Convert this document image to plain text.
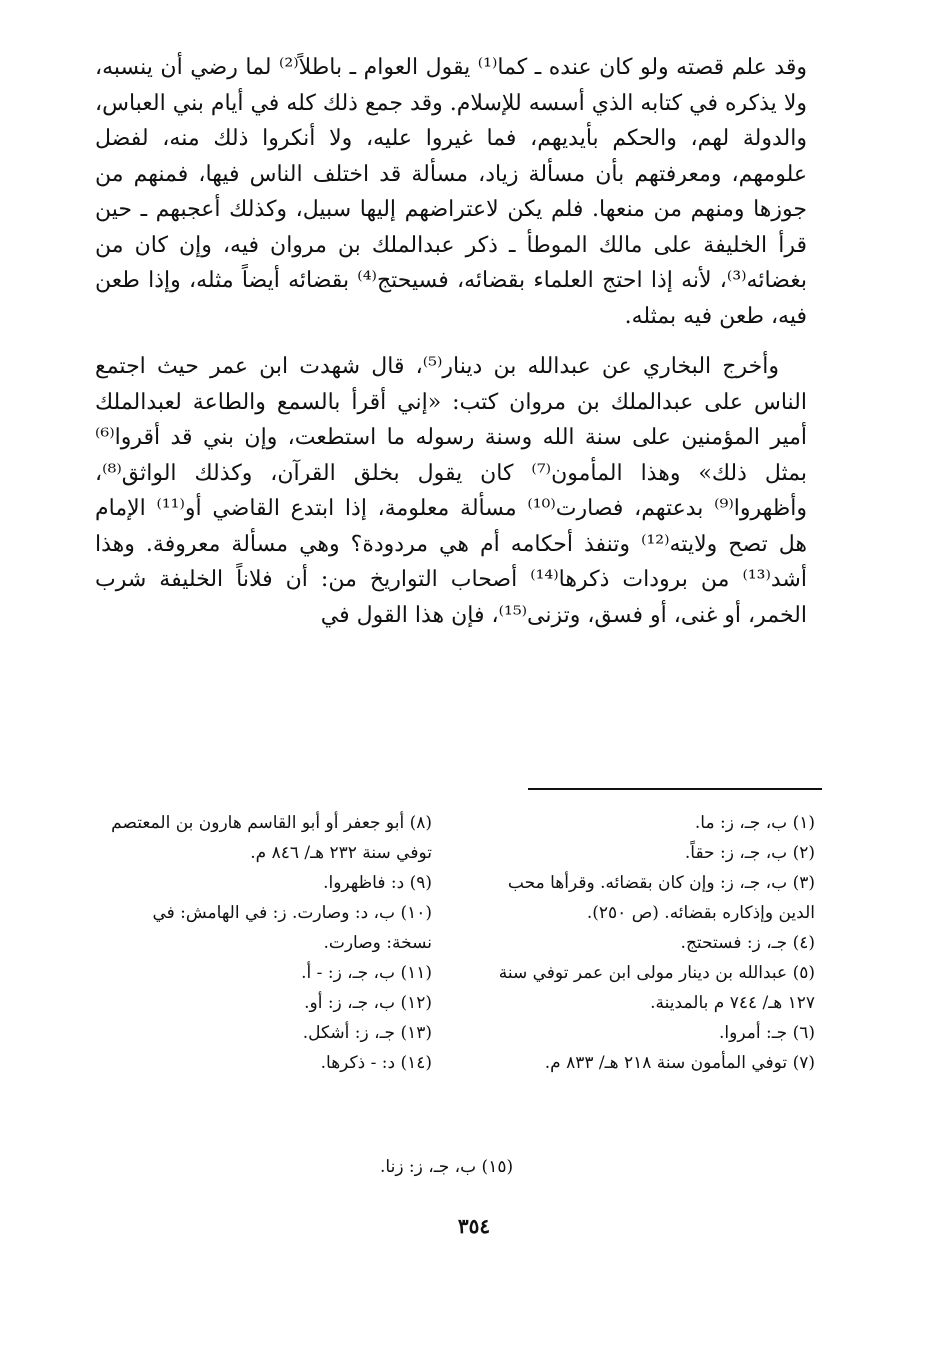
وقد علم قصته ولو كان عنده ـ كما⁽¹⁾ يقول العوام ـ باطلاً⁽²⁾ لما رضي أن ينسبه، ولا يذكره في كتابه الذي أسسه للإسلام. وقد جمع ذلك كله في أيام بني العباس، والدولة لهم، والحكم بأيديهم، فما غيروا عليه، ولا أنكروا ذلك منه، لفضل علومهم، ومعرفتهم بأن مسألة زياد، مسألة قد اختلف الناس فيها، فمنهم من جوزها ومنهم من منعها. فلم يكن لاعتراضهم إليها سبيل، وكذلك أعجبهم ـ حين قرأ الخليفة على مالك الموطأ ـ ذكر عبدالملك بن مروان فيه، وإن كان من بغضائه⁽³⁾، لأنه إذا احتج العلماء بقضائه، فسيحتج⁽⁴⁾ بقضائه أيضاً مثله، وإذا طعن فيه، طعن فيه بمثله.

وأخرج البخاري عن عبدالله بن دينار⁽⁵⁾، قال شهدت ابن عمر حيث اجتمع الناس على عبدالملك بن مروان كتب: «إني أقرأ بالسمع والطاعة لعبدالملك أمير المؤمنين على سنة الله وسنة رسوله ما استطعت، وإن بني قد أقروا⁽⁶⁾ بمثل ذلك» وهذا المأمون⁽⁷⁾ كان يقول بخلق القرآن، وكذلك الواثق⁽⁸⁾، وأظهروا⁽⁹⁾ بدعتهم، فصارت⁽¹⁰⁾ مسألة معلومة، إذا ابتدع القاضي أو⁽¹¹⁾ الإمام هل تصح ولايته⁽¹²⁾ وتنفذ أحكامه أم هي مردودة؟ وهي مسألة معروفة. وهذا أشد⁽¹³⁾ من برودات ذكرها⁽¹⁴⁾ أصحاب التواريخ من: أن فلاناً الخليفة شرب الخمر، أو غنى، أو فسق، وتزنى⁽¹⁵⁾، فإن هذا القول في

(١) ب، جـ، ز: ما.

(٢) ب، جـ، ز: حقاً.

(٣) ب، جـ، ز: وإن كان بقضائه. وقرأها محب الدين وإذكاره بقضائه. (ص ٢٥٠).

(٤) جـ، ز: فستحتج.

(٥) عبدالله بن دينار مولى ابن عمر توفي سنة ١٢٧ هـ/ ٧٤٤ م بالمدينة.

(٦) جـ: أمروا.

(٧) توفي المأمون سنة ٢١٨ هـ/ ٨٣٣ م.

(٨) أبو جعفر أو أبو القاسم هارون بن المعتصم توفي سنة ٢٣٢ هـ/ ٨٤٦ م.

(٩) د: فاظهروا.

(١٠) ب، د: وصارت. ز: في الهامش: في نسخة: وصارت.

(١١) ب، جـ، ز: - أ.

(١٢) ب، جـ، ز: أو.

(١٣) جـ، ز: أشكل.

(١٤) د: - ذكرها.

(١٥) ب، جـ، ز: زنا.
٣٥٤
